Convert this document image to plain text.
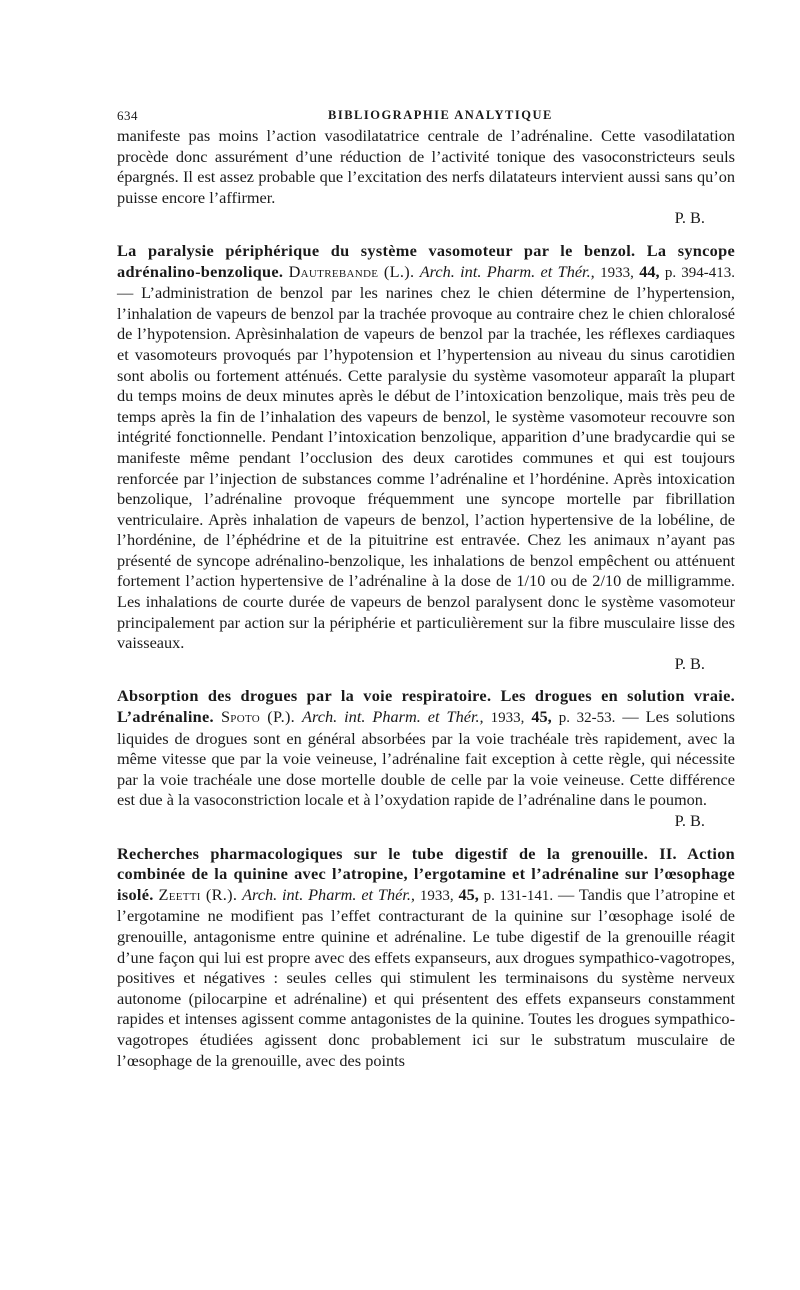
634	BIBLIOGRAPHIE ANALYTIQUE

manifeste pas moins l’action vasodilatatrice centrale de l’adrénaline. Cette vasodilatation procède donc assurément d’une réduction de l’activité tonique des vasoconstricteurs seuls épargnés. Il est assez probable que l’excitation des nerfs dilatateurs intervient aussi sans qu’on puisse encore l’affirmer.

P. B.

La paralysie périphérique du système vasomoteur par le benzol. La syncope adrénalino-benzolique. Dautrebande (L.). Arch. int. Pharm. et Thér., 1933, 44, p. 394-413. — L’administration de benzol par les narines chez le chien détermine de l’hypertension, l’inhalation de vapeurs de benzol par la trachée provoque au contraire chez le chien chloralosé de l’hypotension. Aprèsinhalation de vapeurs de benzol par la trachée, les réflexes cardiaques et vasomoteurs provoqués par l’hypotension et l’hypertension au niveau du sinus carotidien sont abolis ou fortement atténués. Cette paralysie du système vasomoteur apparaît la plupart du temps moins de deux minutes après le début de l’intoxication benzolique, mais très peu de temps après la fin de l’inhalation des vapeurs de benzol, le système vasomoteur recouvre son intégrité fonctionnelle. Pendant l’intoxication benzolique, apparition d’une bradycardie qui se manifeste même pendant l’occlusion des deux carotides communes et qui est toujours renforcée par l’injection de substances comme l’adrénaline et l’hordénine. Après intoxication benzolique, l’adrénaline provoque fréquemment une syncope mortelle par fibrillation ventriculaire. Après inhalation de vapeurs de benzol, l’action hypertensive de la lobéline, de l’hordénine, de l’éphédrine et de la pituitrine est entravée. Chez les animaux n’ayant pas présenté de syncope adrénalino-benzolique, les inhalations de benzol empêchent ou atténuent fortement l’action hypertensive de l’adrénaline à la dose de 1/10 ou de 2/10 de milligramme. Les inhalations de courte durée de vapeurs de benzol paralysent donc le système vasomoteur principalement par action sur la périphérie et particulièrement sur la fibre musculaire lisse des vaisseaux.

P. B.

Absorption des drogues par la voie respiratoire. Les drogues en solution vraie. L’adrénaline. Spoto (P.). Arch. int. Pharm. et Thér., 1933, 45, p. 32-53. — Les solutions liquides de drogues sont en général absorbées par la voie trachéale très rapidement, avec la même vitesse que par la voie veineuse, l’adrénaline fait exception à cette règle, qui nécessite par la voie trachéale une dose mortelle double de celle par la voie veineuse. Cette différence est due à la vasoconstriction locale et à l’oxydation rapide de l’adrénaline dans le poumon.

P. B.

Recherches pharmacologiques sur le tube digestif de la grenouille. II. Action combinée de la quinine avec l’atropine, l’ergotamine et l’adrénaline sur l’œsophage isolé. Zeetti (R.). Arch. int. Pharm. et Thér., 1933, 45, p. 131-141. — Tandis que l’atropine et l’ergotamine ne modifient pas l’effet contracturant de la quinine sur l’œsophage isolé de grenouille, antagonisme entre quinine et adrénaline. Le tube digestif de la grenouille réagit d’une façon qui lui est propre avec des effets expanseurs, aux drogues sympathico-vagotropes, positives et négatives : seules celles qui stimulent les terminaisons du système nerveux autonome (pilocarpine et adrénaline) et qui présentent des effets expanseurs constamment rapides et intenses agissent comme antagonistes de la quinine. Toutes les drogues sympathico-vagotropes étudiées agissent donc probablement ici sur le substratum musculaire de l’œsophage de la grenouille, avec des points
